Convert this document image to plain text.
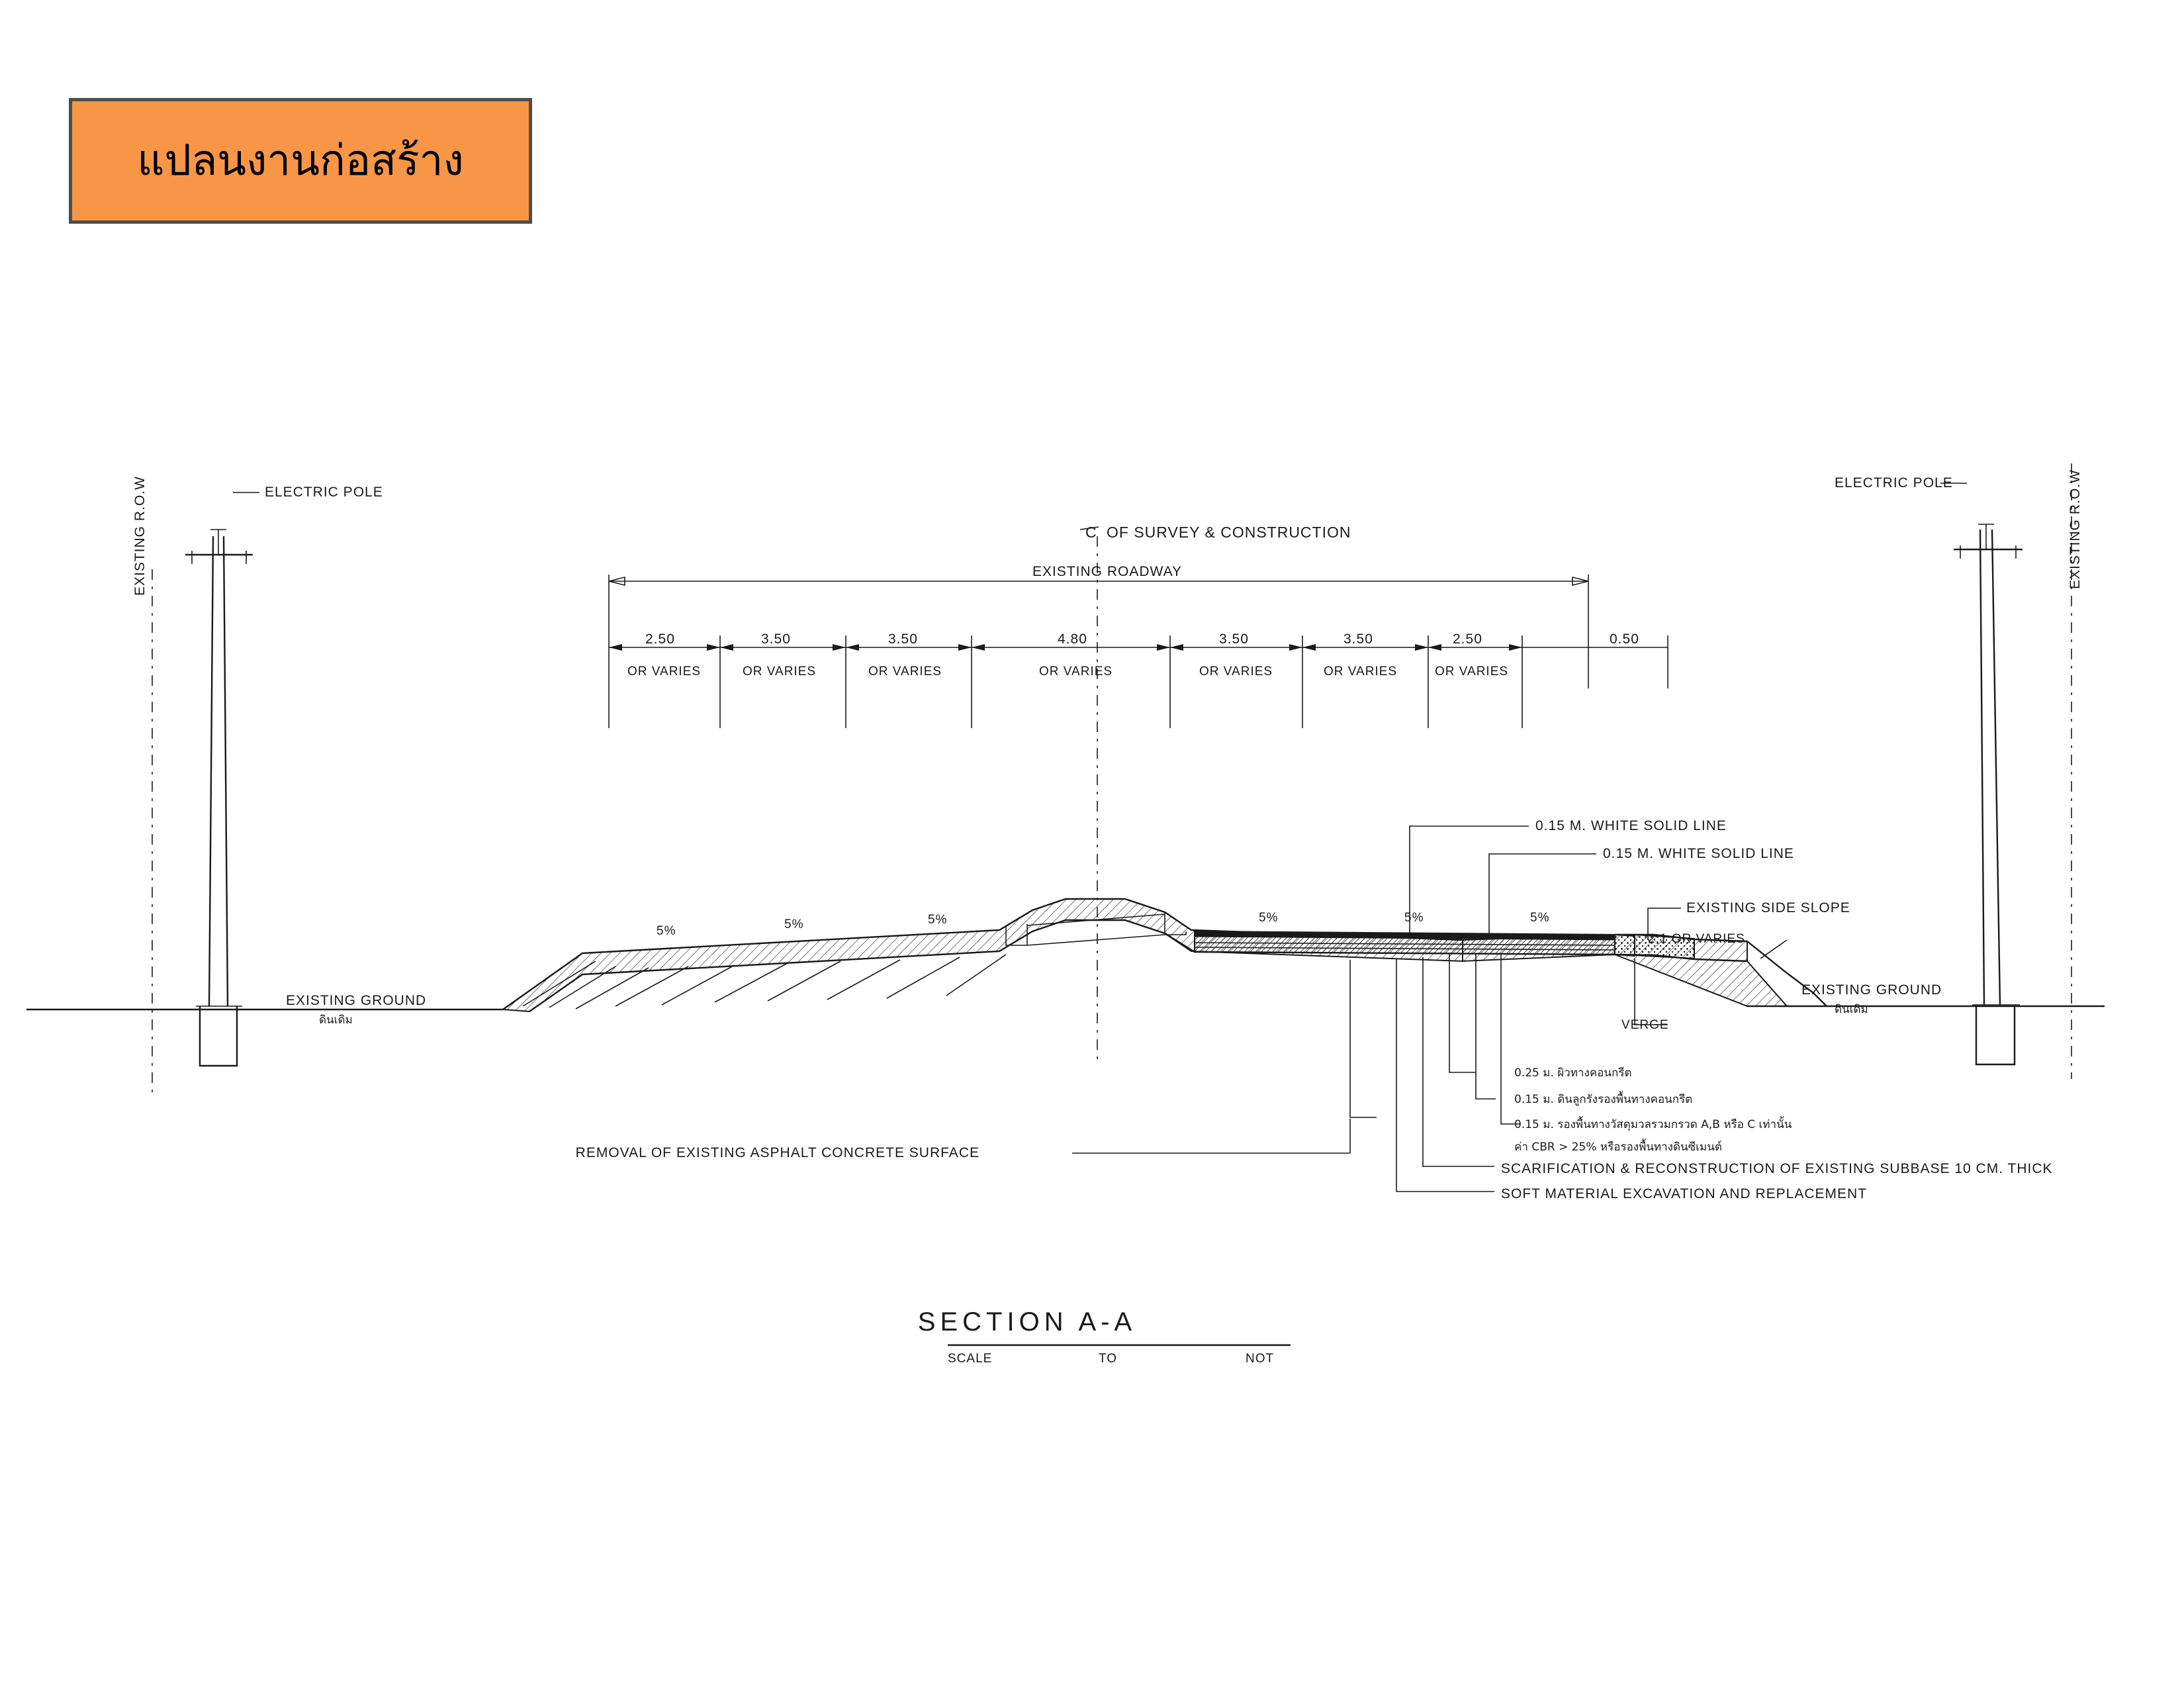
แปลนงานก่อสร้าง
5%	5%	5%	5%	5%	5%
C OF SURVEY & CONSTRUCTION
EXISTING ROADWAY
2.50	3.50	3.50	4.80	3.50	3.50	2.50	0.50
OR VARIES	OR VARIES	OR VARIES	OR VARIES	OR VARIES	OR VARIES	OR VARIES
EXISTING R.O.W	EXISTING R.O.W
ELECTRIC POLE
ELECTRIC POLE
EXISTING GROUND
ดินเดิม
EXISTING GROUND
ดินเดิม
0.15 M. WHITE SOLID LINE
0.15 M. WHITE SOLID LINE
EXISTING SIDE SLOPE
2:1 OR VARIES
VERGE
0.25 ม. ผิวทางคอนกรีต
0.15 ม. ดินลูกรังรองพื้นทางคอนกรีต
0.15 ม. รองพื้นทางวัสดุมวลรวมกรวด A,B หรือ C เท่านั้น
ค่า CBR > 25% หรือรองพื้นทางดินซีเมนต์
REMOVAL OF EXISTING ASPHALT CONCRETE SURFACE
SCARIFICATION & RECONSTRUCTION OF EXISTING SUBBASE 10 CM. THICK
SOFT MATERIAL EXCAVATION AND REPLACEMENT
SECTION A-A
SCALE	TO	NOT
